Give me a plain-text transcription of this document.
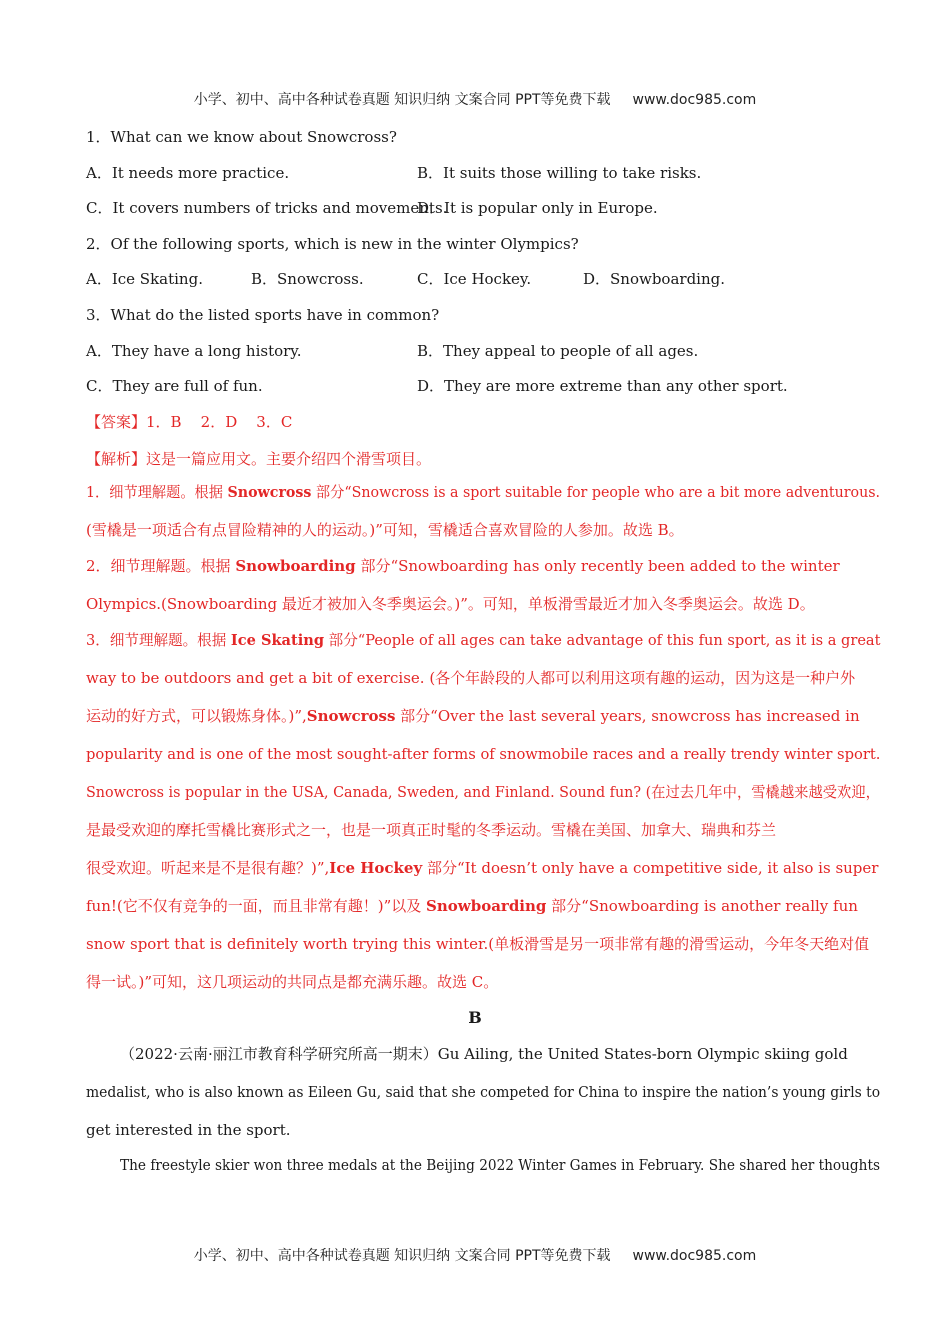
小学、初中、高中各种试卷真题 知识归纳 文案合同 PPT等免费下载 www.doc985.com
1．What can we know about Snowcross?
A．It needs more practice.	B．It suits those willing to take risks.
C．It covers numbers of tricks and movements.
D．It is popular only in Europe.
2．Of the following sports, which is new in the winter Olympics?
A．Ice Skating.	B．Snowcross.	C．Ice Hockey.	D．Snowboarding.
3．What do the listed sports have in common?
A．They have a long history.	B．They appeal to people of all ages.
C．They are full of fun.	D．They are more extreme than any other sport.
【答案】1．B    2．D    3．C
【解析】这是一篇应用文。主要介绍四个滑雪项目。
1．细节理解题。根据 Snowcross 部分“Snowcross is a sport suitable for people who are a bit more adventurous.
(雪橇是一项适合有点冒险精神的人的运动。)”可知，雪橇适合喜欢冒险的人参加。故选 B。
2．细节理解题。根据 Snowboarding 部分“Snowboarding has only recently been added to the winter
Olympics.(Snowboarding 最近才被加入冬季奥运会。)”。可知，单板滑雪最近才加入冬季奥运会。故选 D。
3．细节理解题。根据 Ice Skating 部分“People of all ages can take advantage of this fun sport, as it is a great
way to be outdoors and get a bit of exercise. (各个年龄段的人都可以利用这项有趣的运动，因为这是一种户外
运动的好方式，可以锻炼身体。)”,Snowcross 部分“Over the last several years, snowcross has increased in
popularity and is one of the most sought-after forms of snowmobile races and a really trendy winter sport.
Snowcross is popular in the USA, Canada, Sweden, and Finland. Sound fun? (在过去几年中，雪橇越来越受欢迎，
是最受欢迎的摩托雪橇比赛形式之一，也是一项真正时髦的冬季运动。雪橇在美国、加拿大、瑞典和芬兰
很受欢迎。听起来是不是很有趣？)”,Ice Hockey 部分“It doesn’t only have a competitive side, it also is super
fun!(它不仅有竞争的一面，而且非常有趣！)”以及 Snowboarding 部分“Snowboarding is another really fun
snow sport that is definitely worth trying this winter.(单板滑雪是另一项非常有趣的滑雪运动，今年冬天绝对值
得一试。)”可知，这几项运动的共同点是都充满乐趣。故选 C。
B
（2022·云南·丽江市教育科学研究所高一期末）Gu Ailing, the United States-born Olympic skiing gold
medalist, who is also known as Eileen Gu, said that she competed for China to inspire the nation’s young girls to
get interested in the sport.
The freestyle skier won three medals at the Beijing 2022 Winter Games in February. She shared her thoughts
小学、初中、高中各种试卷真题 知识归纳 文案合同 PPT等免费下载 www.doc985.com
